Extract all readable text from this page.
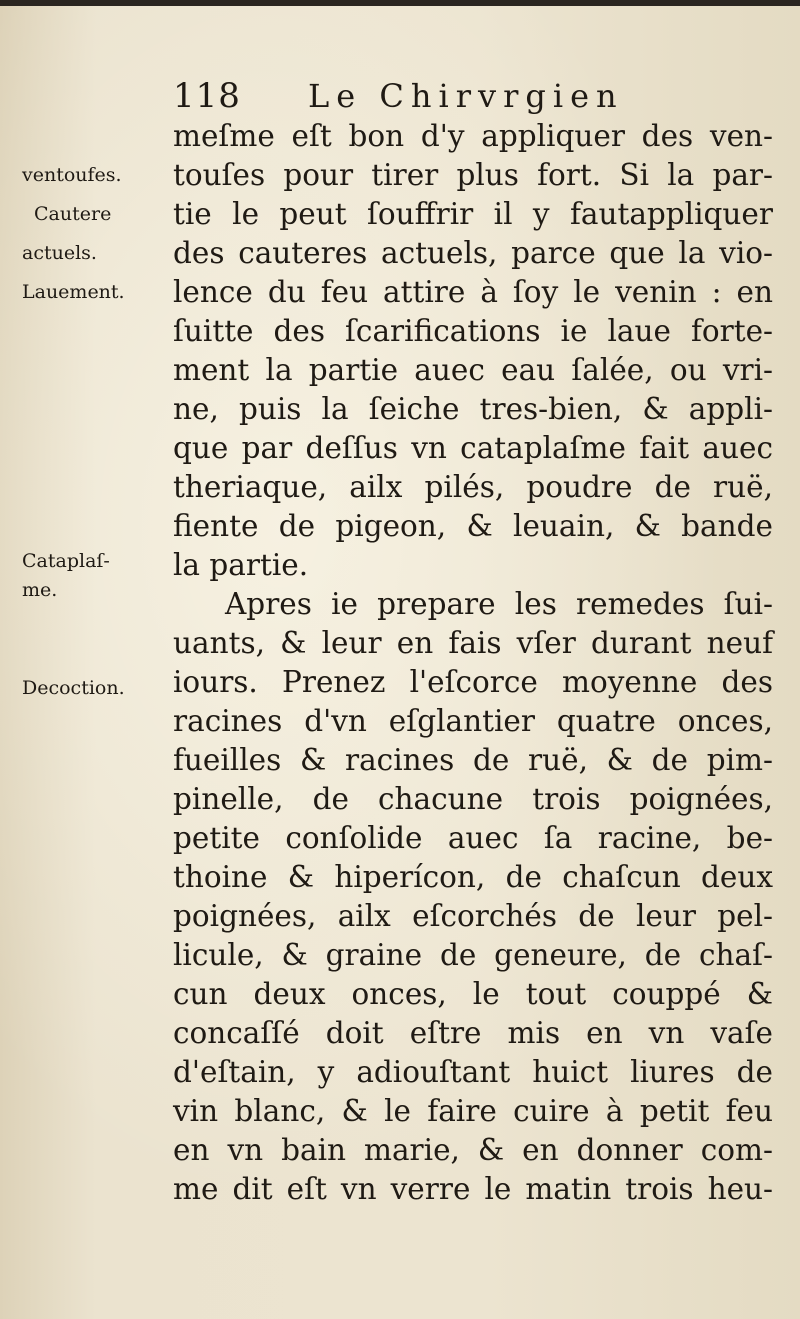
118 Le Chirvrgien
ventoufes.
Cautere
actuels.
Lauement.
Cataplaſ-
me.
Decoction.
meſme eſt bon d'y appliquer des ven-
touſes pour tirer plus fort. Si la par-
tie le peut ſouffrir il y fautappliquer
des cauteres actuels, parce que la vio-
lence du feu attire à ſoy le venin : en
ſuitte des ſcarifications ie laue forte-
ment la partie auec eau ſalée, ou vri-
ne, puis la ſeiche tres-bien, & appli-
que par deſſus vn cataplaſme fait auec
theriaque, ailx pilés, poudre de ruë,
fiente de pigeon, & leuain, & bande
la partie.
Apres ie prepare les remedes ſui-
uants, & leur en fais vſer durant neuf
iours. Prenez l'eſcorce moyenne des
racines d'vn eſglantier quatre onces,
fueilles & racines de ruë, & de pim-
pinelle, de chacune trois poignées,
petite conſolide auec ſa racine, be-
thoine & hiperícon, de chaſcun deux
poignées, ailx eſcorchés de leur pel-
licule, & graine de geneure, de chaſ-
cun deux onces, le tout couppé &
concaſſé doit eſtre mis en vn vaſe
d'eſtain, y adiouſtant huict liures de
vin blanc, & le faire cuire à petit feu
en vn bain marie, & en donner com-
me dit eſt vn verre le matin trois heu-
